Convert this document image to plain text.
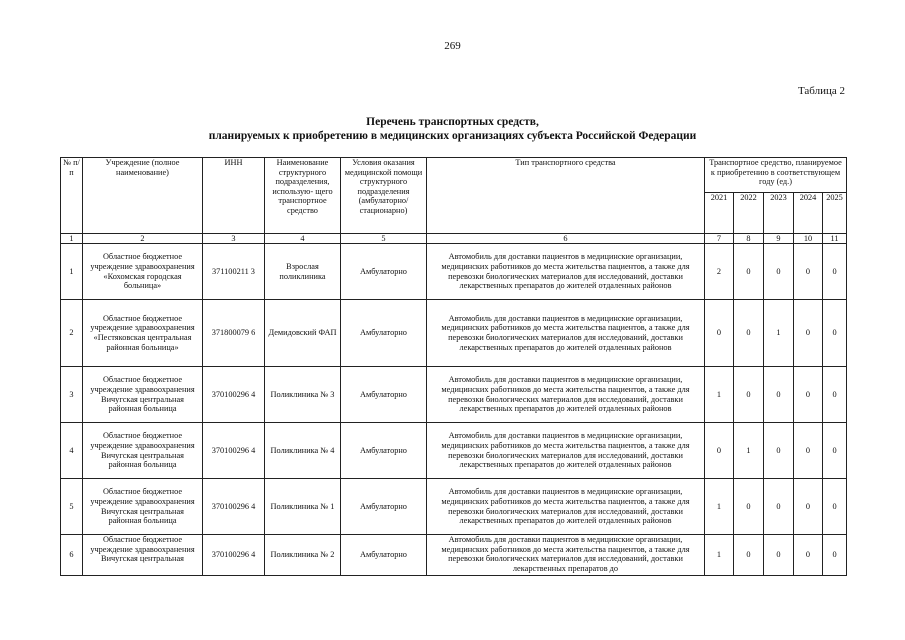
269
Таблица 2
Перечень транспортных средств,
планируемых к приобретению в медицинских организациях субъекта Российской Федерации
№ п/п	Учреждение (полное наименование)	ИНН	Наименование структурного подразделения, использую- щего транспортное средство	Условия оказания медицинской помощи структурного подразделения (амбулаторно/ стационарно)	Тип транспортного средства	Транспортное средство, планируемое к приобретению в соответствующем году (ед.)				
						2021	2022	2023	2024	2025
1	2	3	4	5	6	7	8	9	10	11
1	Областное бюджетное учреждение здравоохранения «Кохомская городская больница»	371100211 3	Взрослая поликлиника	Амбулаторно	Автомобиль для доставки пациентов в медицинские организации, медицинских работников до места жительства пациентов, а также для перевозки биологических материалов для исследований, доставки лекарственных препаратов до жителей отдаленных районов	2	0	0	0	0
2	Областное бюджетное учреждение здравоохранения «Пестяковская центральная районная больница»	371800079 6	Демидовский ФАП	Амбулаторно	Автомобиль для доставки пациентов в медицинские организации, медицинских работников до места жительства пациентов, а также для перевозки биологических материалов для исследований, доставки лекарственных препаратов до жителей отдаленных районов	0	0	1	0	0
3	Областное бюджетное учреждение здравоохранения Вичугская центральная районная больница	370100296 4	Поликлиника № 3	Амбулаторно	Автомобиль для доставки пациентов в медицинские организации, медицинских работников до места жительства пациентов, а также для перевозки биологических материалов для исследований, доставки лекарственных препаратов до жителей отдаленных районов	1	0	0	0	0
4	Областное бюджетное учреждение здравоохранения Вичугская центральная районная больница	370100296 4	Поликлиника № 4	Амбулаторно	Автомобиль для доставки пациентов в медицинские организации, медицинских работников до места жительства пациентов, а также для перевозки биологических материалов для исследований, доставки лекарственных препаратов до жителей отдаленных районов	0	1	0	0	0
5	Областное бюджетное учреждение здравоохранения Вичугская центральная районная больница	370100296 4	Поликлиника № 1	Амбулаторно	Автомобиль для доставки пациентов в медицинские организации, медицинских работников до места жительства пациентов, а также для перевозки биологических материалов для исследований, доставки лекарственных препаратов до жителей отдаленных районов	1	0	0	0	0
6	Областное бюджетное учреждение здравоохранения Вичугская центральная	370100296 4	Поликлиника № 2	Амбулаторно	Автомобиль для доставки пациентов в медицинские организации, медицинских работников до места жительства пациентов, а также для перевозки биологических материалов для исследований, доставки лекарственных препаратов до	1	0	0	0	0
